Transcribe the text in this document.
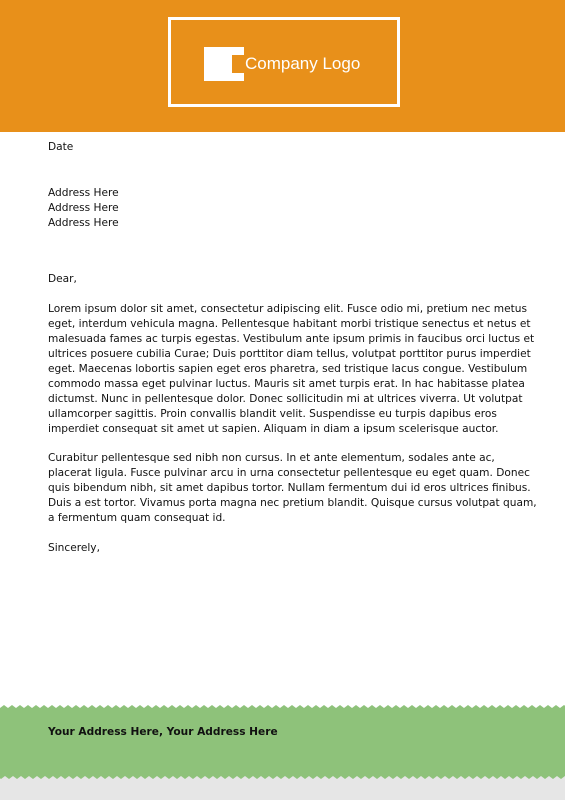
Company Logo
Date
Address Here
Address Here
Address Here
Dear,
Lorem ipsum dolor sit amet, consectetur adipiscing elit. Fusce odio mi, pretium nec metus
eget, interdum vehicula magna. Pellentesque habitant morbi tristique senectus et netus et
malesuada fames ac turpis egestas. Vestibulum ante ipsum primis in faucibus orci luctus et
ultrices posuere cubilia Curae; Duis porttitor diam tellus, volutpat porttitor purus imperdiet
eget. Maecenas lobortis sapien eget eros pharetra, sed tristique lacus congue. Vestibulum
commodo massa eget pulvinar luctus. Mauris sit amet turpis erat. In hac habitasse platea
dictumst. Nunc in pellentesque dolor. Donec sollicitudin mi at ultrices viverra. Ut volutpat
ullamcorper sagittis. Proin convallis blandit velit. Suspendisse eu turpis dapibus eros
imperdiet consequat sit amet ut sapien. Aliquam in diam a ipsum scelerisque auctor.
Curabitur pellentesque sed nibh non cursus. In et ante elementum, sodales ante ac,
placerat ligula. Fusce pulvinar arcu in urna consectetur pellentesque eu eget quam. Donec
quis bibendum nibh, sit amet dapibus tortor. Nullam fermentum dui id eros ultrices finibus.
Duis a est tortor. Vivamus porta magna nec pretium blandit. Quisque cursus volutpat quam,
a fermentum quam consequat id.
Sincerely,
Your Address Here, Your Address Here
